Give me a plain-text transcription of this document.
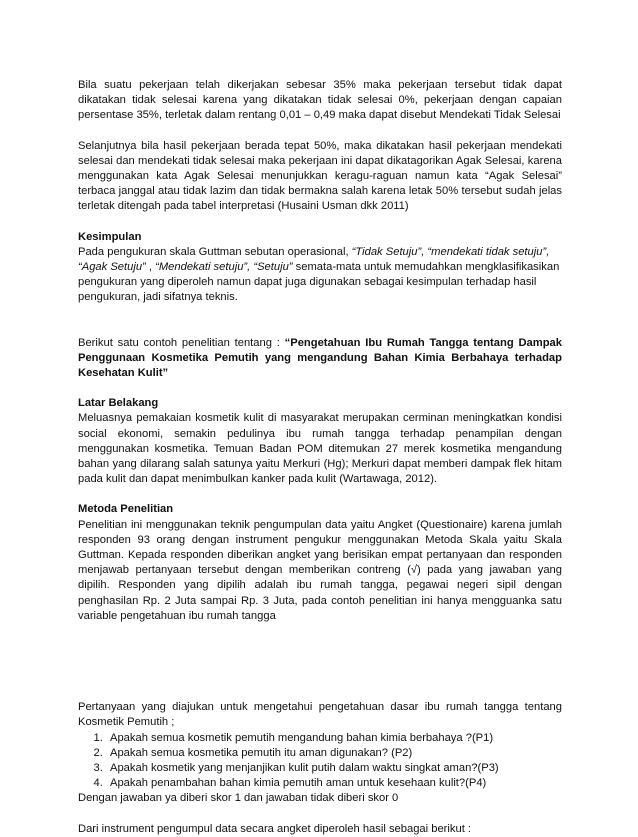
Bila suatu pekerjaan telah dikerjakan sebesar 35% maka pekerjaan tersebut tidak dapat dikatakan tidak selesai karena yang dikatakan tidak selesai 0%, pekerjaan dengan capaian persentase 35%, terletak dalam rentang 0,01 – 0,49 maka dapat disebut Mendekati Tidak Selesai

Selanjutnya bila hasil pekerjaan berada tepat 50%, maka dikatakan hasil pekerjaan mendekati selesai dan mendekati tidak selesai maka pekerjaan ini dapat dikatagorikan Agak Selesai, karena menggunakan kata Agak Selesai menunjukkan keragu-raguan namun kata “Agak Selesai” terbaca janggal atau tidak lazim dan tidak bermakna salah karena letak 50% tersebut sudah jelas terletak ditengah pada tabel interpretasi (Husaini Usman dkk 2011)

Kesimpulan

Pada pengukuran skala Guttman sebutan operasional, “Tidak Setuju”, “mendekati tidak setuju”, “Agak Setuju” , “Mendekati setuju”, “Setuju” semata-mata untuk memudahkan mengklasifikasikan pengukuran yang diperoleh namun dapat juga digunakan sebagai kesimpulan terhadap hasil pengukuran, jadi sifatnya teknis.

Berikut satu contoh penelitian tentang : “Pengetahuan Ibu Rumah Tangga tentang Dampak Penggunaan Kosmetika Pemutih yang mengandung Bahan Kimia Berbahaya terhadap Kesehatan Kulit”

Latar Belakang

Meluasnya pemakaian kosmetik kulit di masyarakat merupakan cerminan meningkatkan kondisi social ekonomi, semakin pedulinya ibu rumah tangga terhadap penampilan dengan menggunakan kosmetika. Temuan Badan POM ditemukan 27 merek kosmetika mengandung bahan yang dilarang salah satunya yaitu Merkuri (Hg); Merkuri dapat memberi dampak flek hitam pada kulit dan dapat menimbulkan kanker pada kulit (Wartawaga, 2012).

Metoda Penelitian

Penelitian ini menggunakan teknik pengumpulan data yaitu Angket (Questionaire) karena jumlah responden 93 orang dengan instrument pengukur menggunakan Metoda Skala yaitu Skala Guttman. Kepada responden diberikan angket yang berisikan empat pertanyaan dan responden menjawab pertanyaan tersebut dengan memberikan contreng (√) pada yang jawaban yang dipilih. Responden yang dipilih adalah ibu rumah tangga, pegawai negeri sipil dengan penghasilan Rp. 2 Juta sampai Rp. 3 Juta, pada contoh penelitian ini hanya mengguanka satu variable pengetahuan ibu rumah tangga

Pertanyaan yang diajukan untuk mengetahui pengetahuan dasar ibu rumah tangga tentang Kosmetik Pemutih ;

1. Apakah semua kosmetik pemutih mengandung bahan kimia berbahaya ?(P1)
2. Apakah semua kosmetika pemutih itu aman digunakan? (P2)
3. Apakah kosmetik yang menjanjikan kulit putih dalam waktu singkat aman?(P3)
4. Apakah penambahan bahan kimia pemutih aman untuk kesehaan kulit?(P4)

Dengan jawaban ya diberi skor 1 dan jawaban tidak diberi skor 0

Dari instrument pengumpul data secara angket diperoleh hasil sebagai berikut :
